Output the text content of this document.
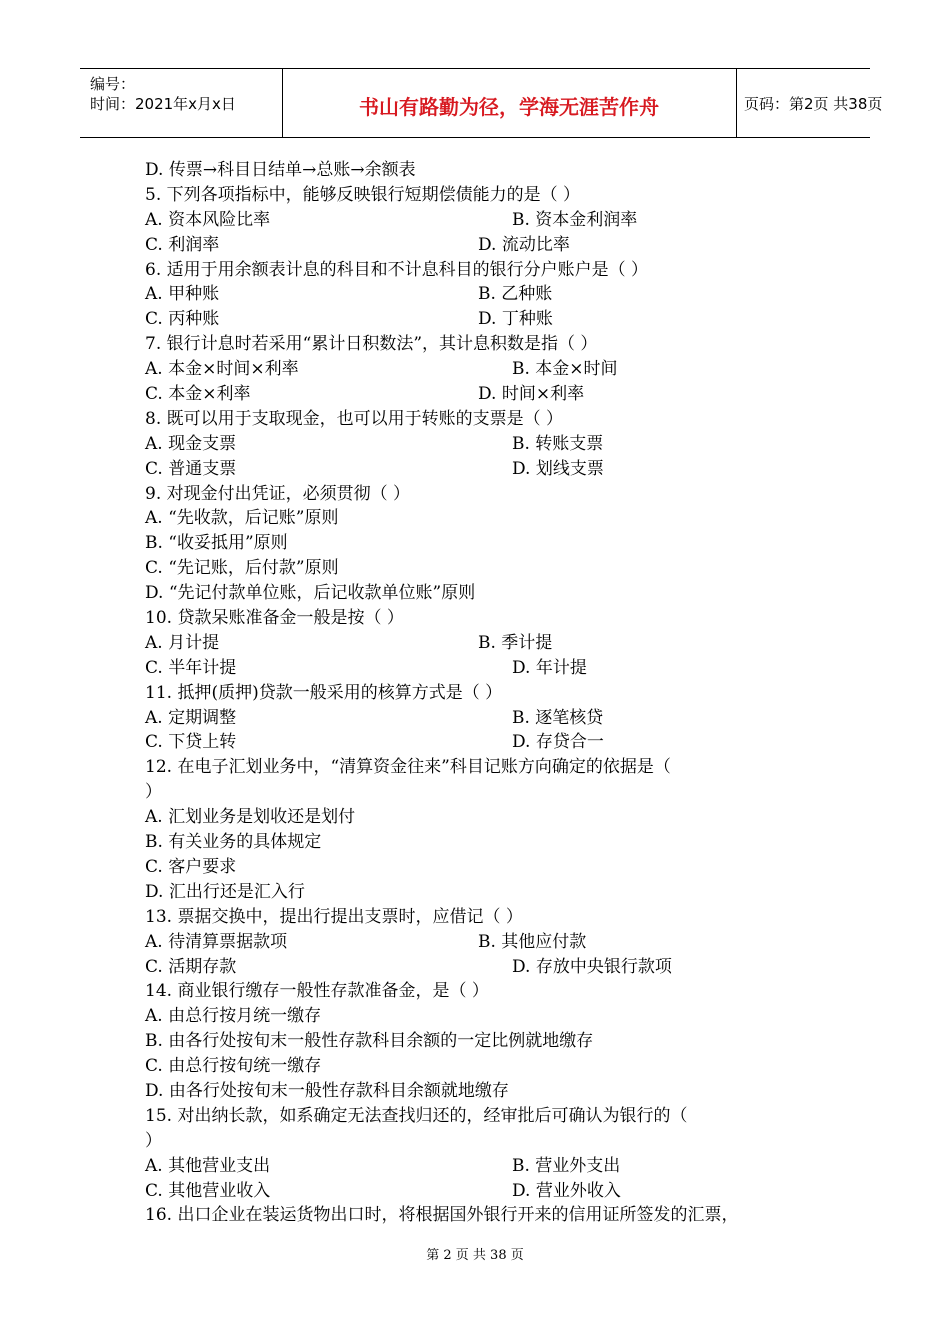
编号：
时间：2021年x月x日	书山有路勤为径，学海无涯苦作舟	页码：第2页 共38页
D. 传票→科目日结单→总账→余额表
5. 下列各项指标中，能够反映银行短期偿债能力的是（ ）
A. 资本风险比率	B. 资本金利润率
C. 利润率	D. 流动比率
6. 适用于用余额表计息的科目和不计息科目的银行分户账户是（ ）
A. 甲种账	B. 乙种账
C. 丙种账	D. 丁种账
7. 银行计息时若采用“累计日积数法”，其计息积数是指（ ）
A. 本金×时间×利率	B. 本金×时间
C. 本金×利率	D. 时间×利率
8. 既可以用于支取现金，也可以用于转账的支票是（ ）
A. 现金支票	B. 转账支票
C. 普通支票	D. 划线支票
9. 对现金付出凭证，必须贯彻（ ）
A. “先收款，后记账”原则
B. “收妥抵用”原则
C. “先记账，后付款”原则
D. “先记付款单位账，后记收款单位账”原则
10. 贷款呆账准备金一般是按（ ）
A. 月计提	B. 季计提
C. 半年计提	D. 年计提
11. 抵押(质押)贷款一般采用的核算方式是（ ）
A. 定期调整	B. 逐笔核贷
C. 下贷上转	D. 存贷合一
12. 在电子汇划业务中，“清算资金往来”科目记账方向确定的依据是（
）
A. 汇划业务是划收还是划付
B. 有关业务的具体规定
C. 客户要求
D. 汇出行还是汇入行
13. 票据交换中，提出行提出支票时，应借记（ ）
A. 待清算票据款项	B. 其他应付款
C. 活期存款	D. 存放中央银行款项
14. 商业银行缴存一般性存款准备金，是（ ）
A. 由总行按月统一缴存
B. 由各行处按旬末一般性存款科目余额的一定比例就地缴存
C. 由总行按旬统一缴存
D. 由各行处按旬末一般性存款科目余额就地缴存
15. 对出纳长款，如系确定无法查找归还的，经审批后可确认为银行的（
）
A. 其他营业支出	B. 营业外支出
C. 其他营业收入	D. 营业外收入
16. 出口企业在装运货物出口时，将根据国外银行开来的信用证所签发的汇票，
第 2 页 共 38 页
